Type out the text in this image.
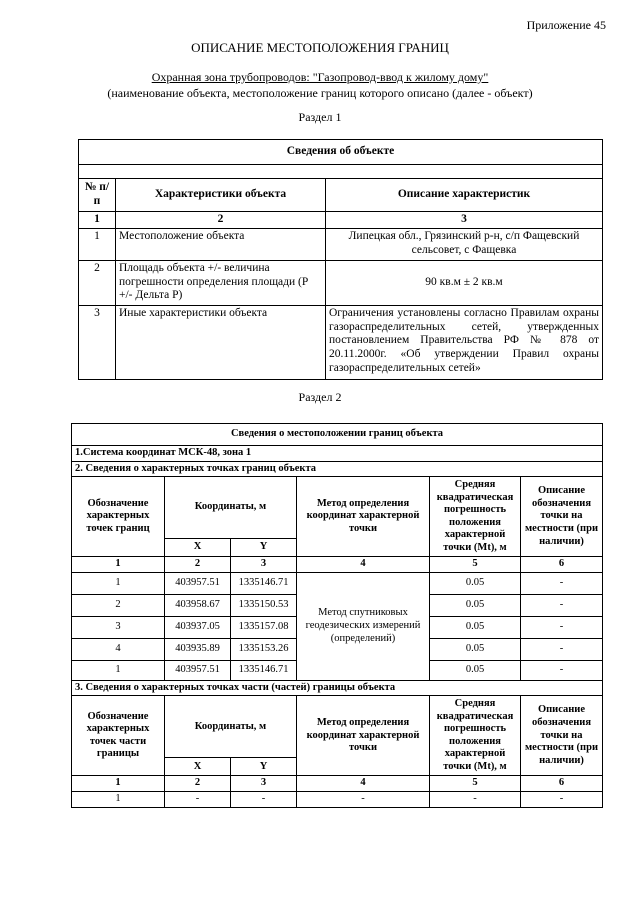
Приложение 45
ОПИСАНИЕ МЕСТОПОЛОЖЕНИЯ ГРАНИЦ
Охранная зона трубопроводов: "Газопровод-ввод к жилому дому"
(наименование объекта, местоположение границ которого описано (далее - объект)
Раздел 1
Сведения об объекте		

№ п/п	Характеристики объекта	Описание характеристик
1	2	3
1	Местоположение объекта	Липецкая обл., Грязинский р-н, с/п Фащевский сельсовет, с Фащевка
2	Площадь объекта +/- величина погрешности определения площади (P +/- Дельта P)	90 кв.м ± 2 кв.м
3	Иные характеристики объекта	Ограничения установлены согласно Правилам охраны газораспределительных сетей, утвержденных постановлением Правительства РФ № 878 от 20.11.2000г. «Об утверждении Правил охраны газораспределительных сетей»
Раздел 2
Сведения о местоположении границ объекта					
1.Система координат МСК-48, зона 1					
2. Сведения о характерных точках границ объекта					
Обозначение характерных точек границ	Координаты, м		Метод определения координат характерной точки	Средняя квадратическая погрешность положения характерной точки (Mt), м	Описание обозначения точки на местности (при наличии)
	X	Y			
1	2	3	4	5	6
1	403957.51	1335146.71	Метод спутниковых геодезических измерений (определений)	0.05	-
2	403958.67	1335150.53		0.05	-
3	403937.05	1335157.08		0.05	-
4	403935.89	1335153.26		0.05	-
1	403957.51	1335146.71		0.05	-
3. Сведения о характерных точках части (частей) границы объекта					
Обозначение характерных точек части границы	Координаты, м		Метод определения координат характерной точки	Средняя квадратическая погрешность положения характерной точки (Mt), м	Описание обозначения точки на местности (при наличии)
	X	Y			
1	2	3	4	5	6
1	-	-	-	-	-
